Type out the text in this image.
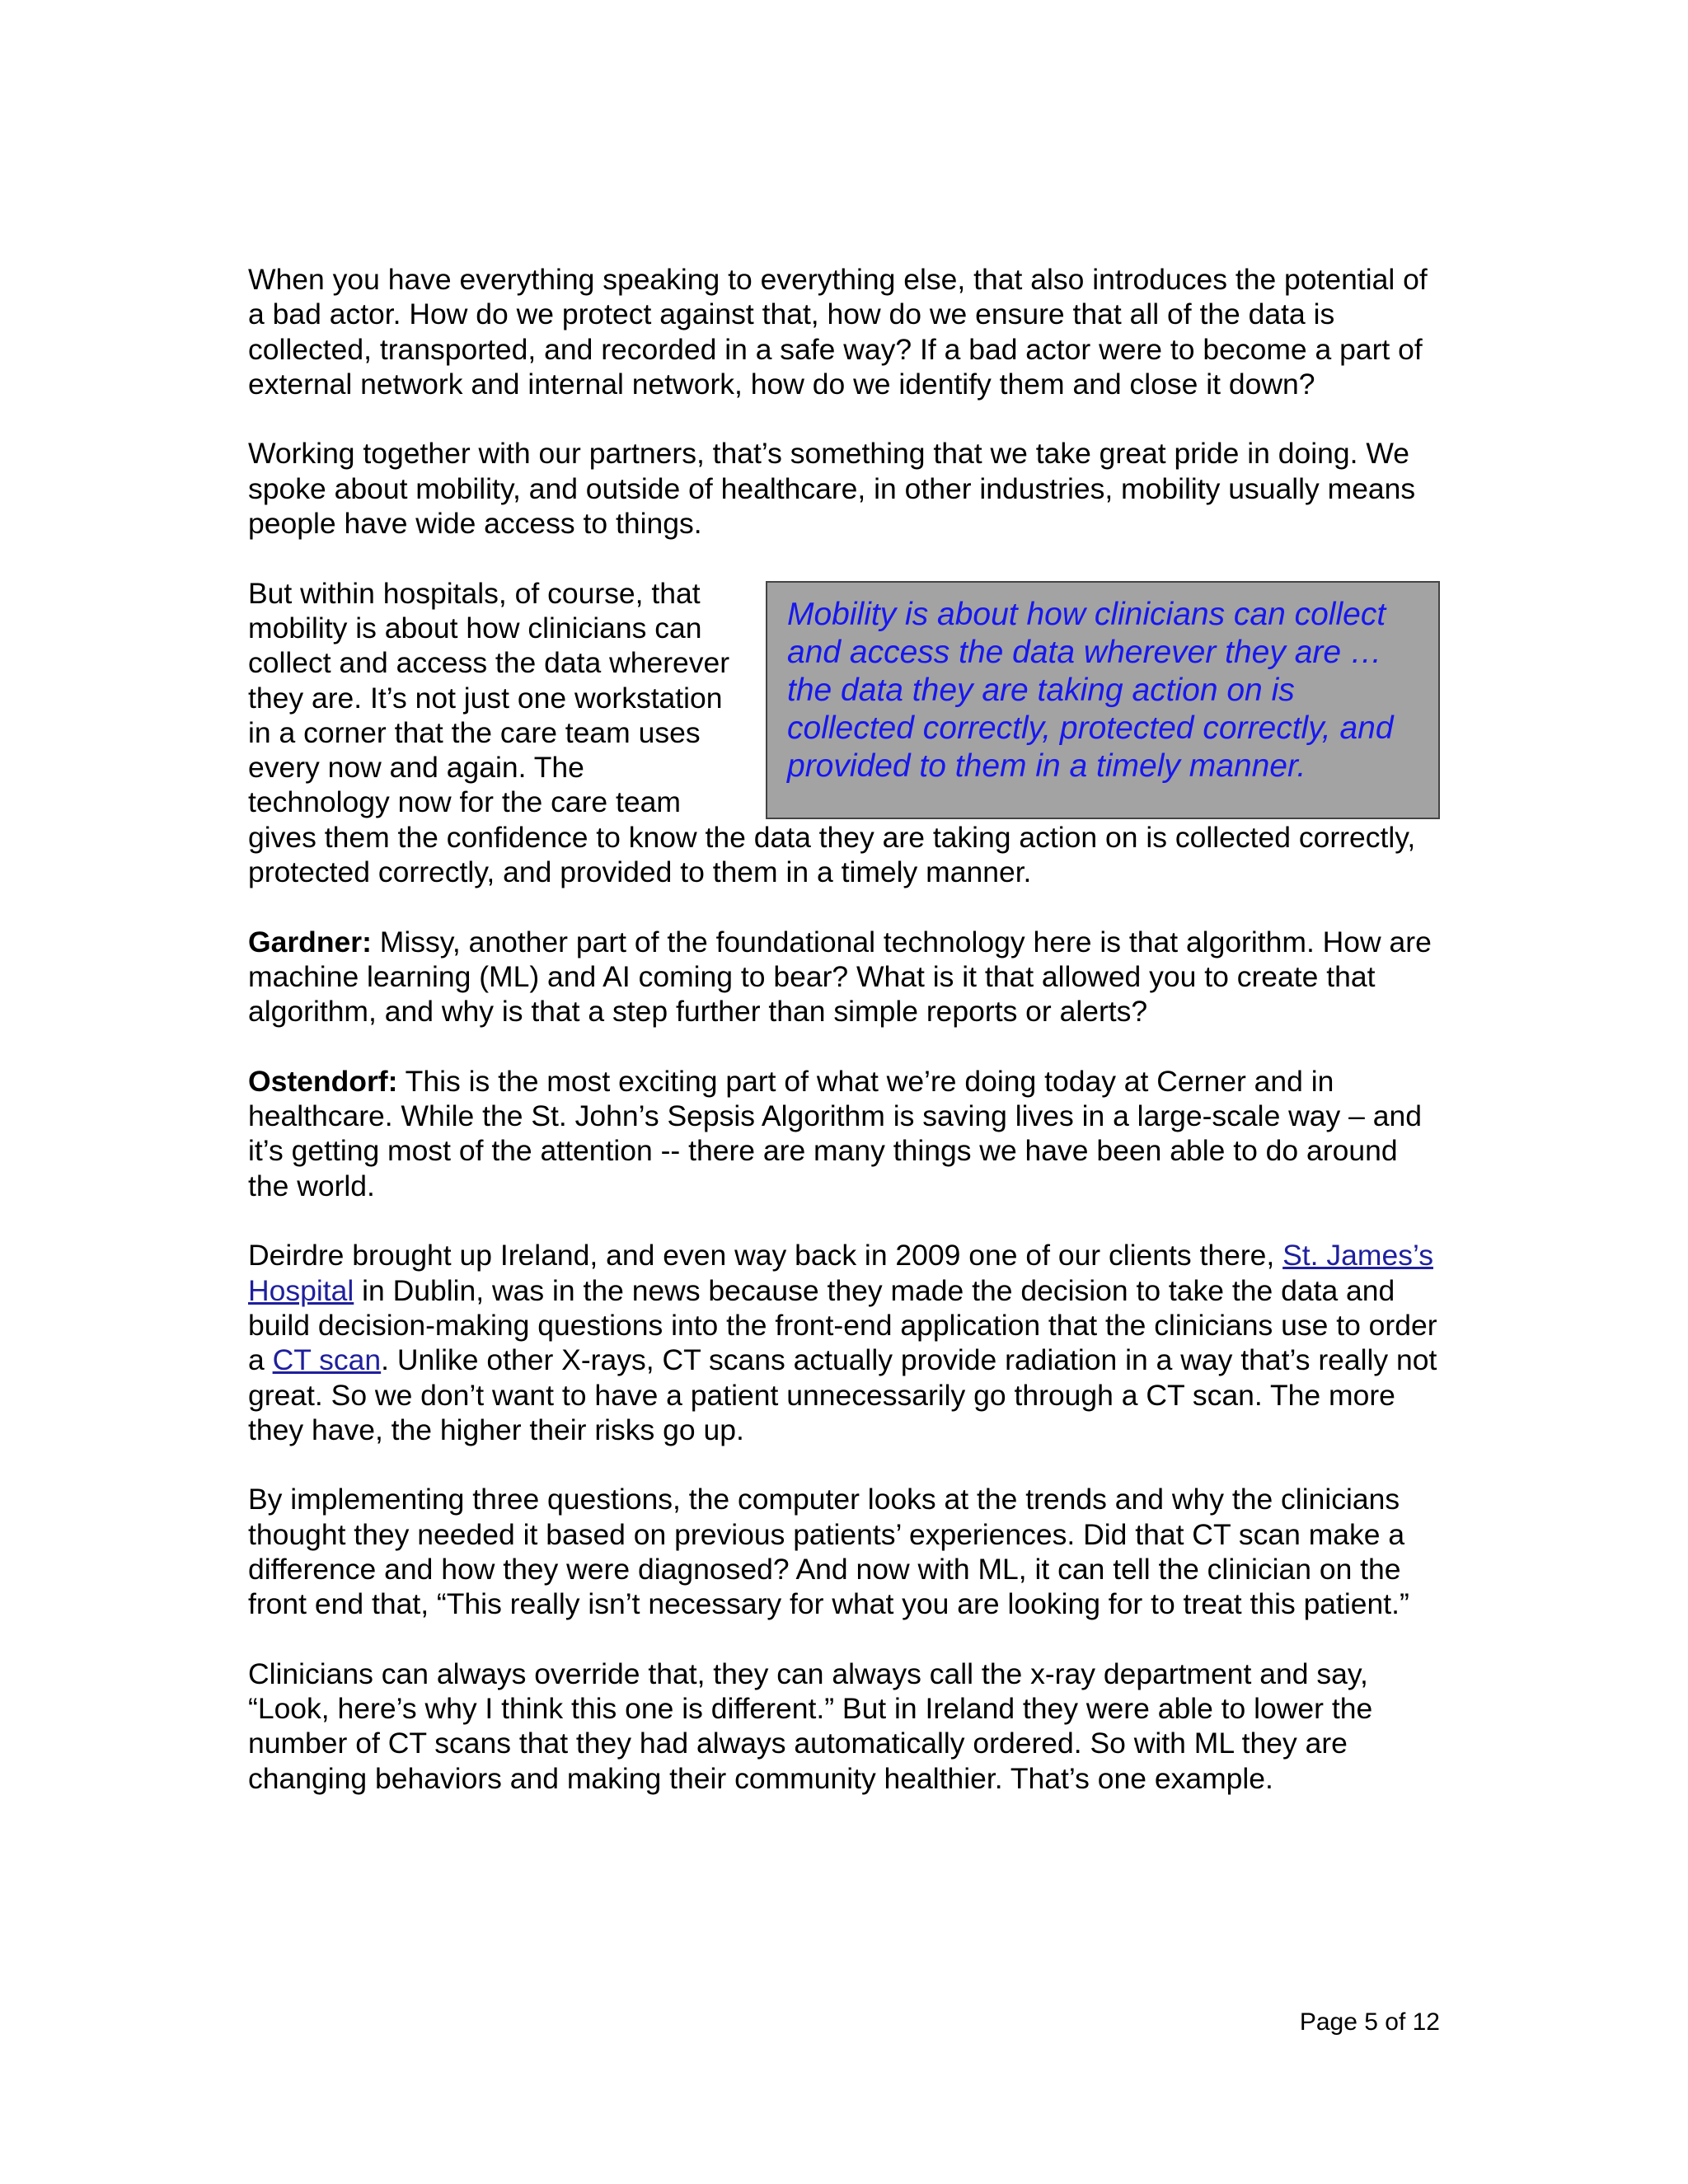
When you have everything speaking to everything else, that also introduces the potential of a bad actor. How do we protect against that, how do we ensure that all of the data is collected, transported, and recorded in a safe way? If a bad actor were to become a part of external network and internal network, how do we identify them and close it down?

Working together with our partners, that’s something that we take great pride in doing. We spoke about mobility, and outside of healthcare, in other industries, mobility usually means people have wide access to things.

Mobility is about how clinicians can collect and access the data wherever they are … the data they are taking action on is collected correctly, protected correctly, and provided to them in a timely manner.
But within hospitals, of course, that mobility is about how clinicians can collect and access the data wherever they are. It’s not just one workstation in a corner that the care team uses every now and again. The technology now for the care team gives them the confidence to know the data they are taking action on is collected correctly, protected correctly, and provided to them in a timely manner.

Gardner: Missy, another part of the foundational technology here is that algorithm. How are machine learning (ML) and AI coming to bear? What is it that allowed you to create that algorithm, and why is that a step further than simple reports or alerts?

Ostendorf: This is the most exciting part of what we’re doing today at Cerner and in healthcare. While the St. John’s Sepsis Algorithm is saving lives in a large-scale way – and it’s getting most of the attention -- there are many things we have been able to do around the world.

Deirdre brought up Ireland, and even way back in 2009 one of our clients there, St. James’s Hospital in Dublin, was in the news because they made the decision to take the data and build decision-making questions into the front-end application that the clinicians use to order a CT scan. Unlike other X-rays, CT scans actually provide radiation in a way that’s really not great. So we don’t want to have a patient unnecessarily go through a CT scan. The more they have, the higher their risks go up.

By implementing three questions, the computer looks at the trends and why the clinicians thought they needed it based on previous patients’ experiences. Did that CT scan make a difference and how they were diagnosed? And now with ML, it can tell the clinician on the front end that, “This really isn’t necessary for what you are looking for to treat this patient.”

Clinicians can always override that, they can always call the x-ray department and say, “Look, here’s why I think this one is different.” But in Ireland they were able to lower the number of CT scans that they had always automatically ordered. So with ML they are changing behaviors and making their community healthier. That’s one example.

Page 5 of 12
